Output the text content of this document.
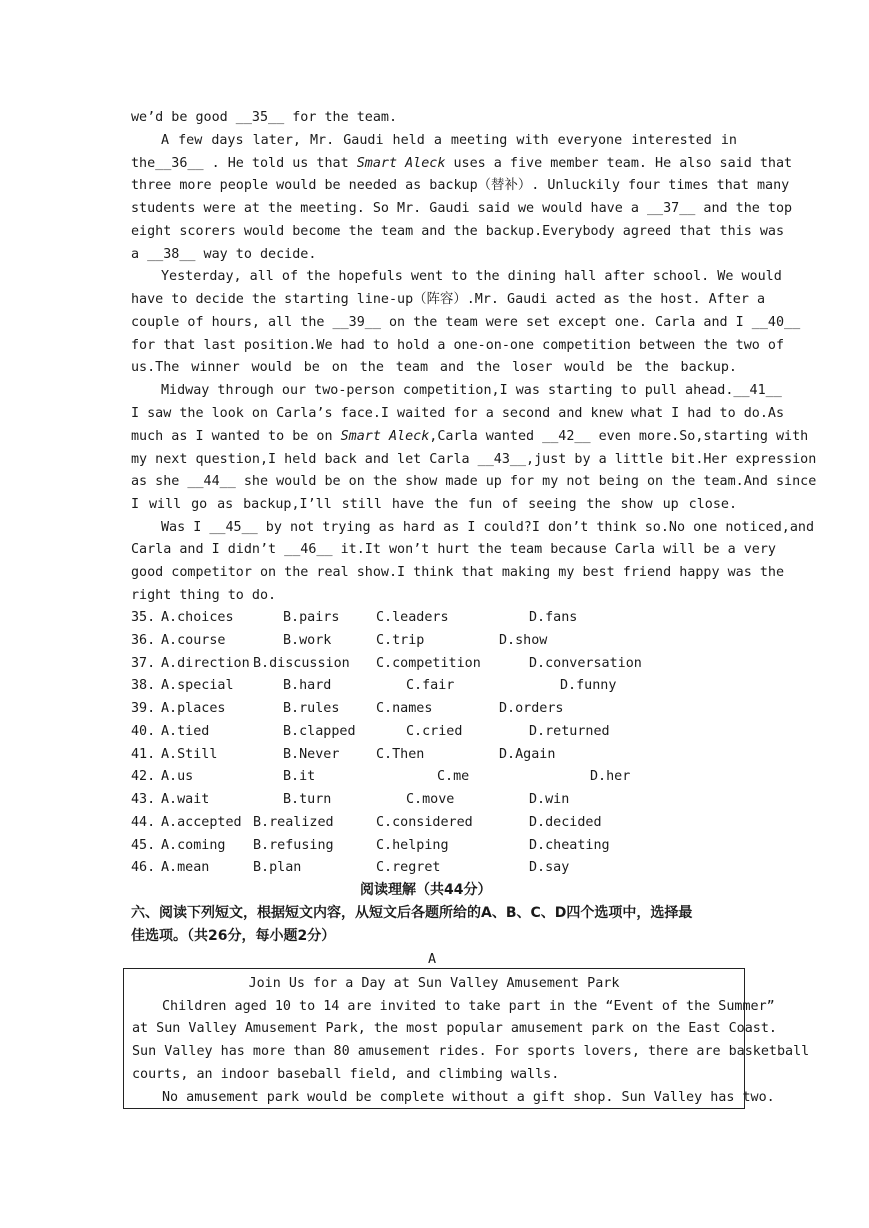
we’d be good __35__ for the team.
A few days later, Mr. Gaudi held a meeting with everyone interested in
the__36__ . He told us that Smart Aleck uses a five member team. He also said that
three more people would be needed as backup（替补）. Unluckily four times that many
students were at the meeting. So Mr. Gaudi said we would have a __37__ and the top
eight scorers would become the team and the backup.Everybody agreed that this was
a __38__ way to decide.
Yesterday, all of the hopefuls went to the dining hall after school. We would
have to decide the starting line-up（阵容）.Mr. Gaudi acted as the host. After a
couple of hours, all the __39__ on the team were set except one. Carla and I __40__
for that last position.We had to hold a one-on-one competition between the two of
us.The winner would be on the team and the loser would be the backup.
Midway through our two-person competition,I was starting to pull ahead.__41__
I saw the look on Carla’s face.I waited for a second and knew what I had to do.As
much as I wanted to be on Smart Aleck,Carla wanted __42__ even more.So,starting with
my next question,I held back and let Carla __43__,just by a little bit.Her expression
as she __44__ she would be on the show made up for my not being on the team.And since
I will go as backup,I’ll still have the fun of seeing the show up close.
Was I __45__ by not trying as hard as I could?I don’t think so.No one noticed,and
Carla and I didn’t __46__ it.It won’t hurt the team because Carla will be a very
good competitor on the real show.I think that making my best friend happy was the
right thing to do.
35. A.choices	B.pairs	C.leaders	D.fans
36. A.course	B.work	C.trip	D.show
37. A.direction B.discussion C.competition	D.conversation
38. A.special	B.hard	C.fair	D.funny
39. A.places	B.rules	C.names	D.orders
40. A.tied	B.clapped	C.cried	D.returned
41. A.Still	B.Never	C.Then	D.Again
42. A.us	B.it	C.me	D.her
43. A.wait	B.turn	C.move	D.win
44. A.accepted B.realized	C.considered	D.decided
45. A.coming B.refusing	C.helping	D.cheating
46. A.mean	B.plan	C.regret	D.say
阅读理解（共44分）
六、阅读下列短文，根据短文内容，从短文后各题所给的A、B、C、D四个选项中，选择最
佳选项。（共26分，每小题2分）
A
Join Us for a Day at Sun Valley Amusement Park
Children aged 10 to 14 are invited to take part in the “Event of the Summer”
at Sun Valley Amusement Park, the most popular amusement park on the East Coast.
Sun Valley has more than 80 amusement rides. For sports lovers, there are basketball
courts, an indoor baseball field, and climbing walls.
No amusement park would be complete without a gift shop. Sun Valley has two.
